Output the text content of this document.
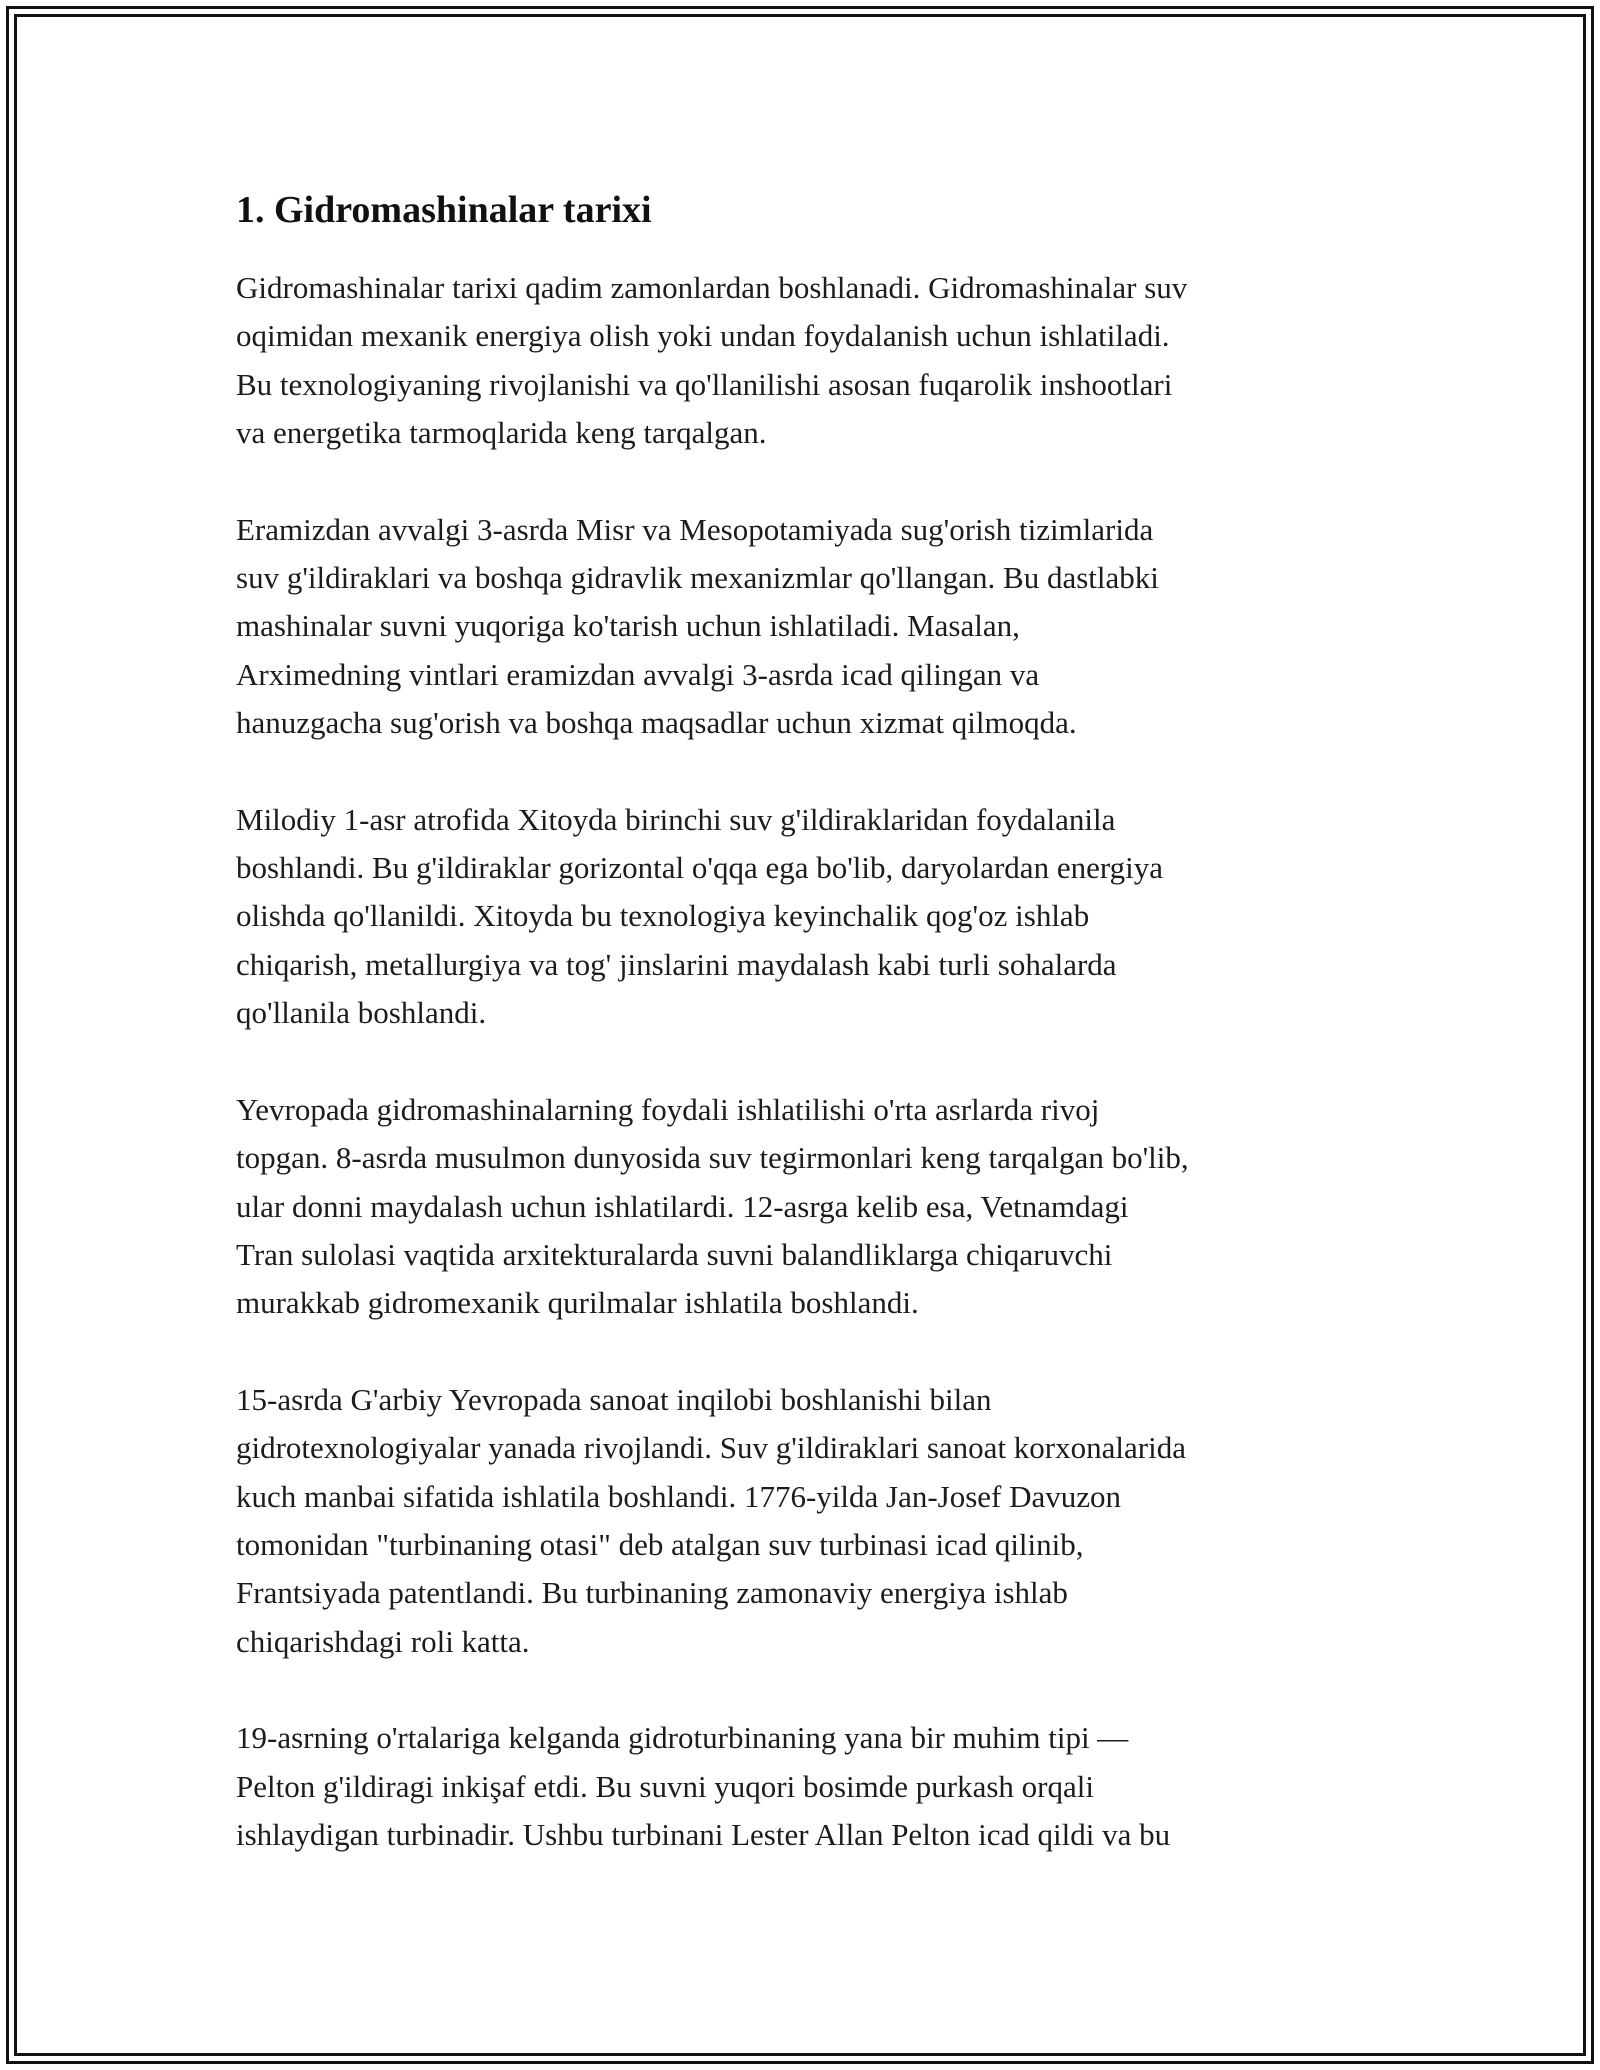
1. Gidromashinalar tarixi
Gidromashinalar tarixi qadim zamonlardan boshlanadi. Gidromashinalar suv
oqimidan mexanik energiya olish yoki undan foydalanish uchun ishlatiladi.
Bu texnologiyaning rivojlanishi va qo'llanilishi asosan fuqarolik inshootlari
va energetika tarmoqlarida keng tarqalgan.
Eramizdan avvalgi 3-asrda Misr va Mesopotamiyada sug'orish tizimlarida
suv g'ildiraklari va boshqa gidravlik mexanizmlar qo'llangan. Bu dastlabki
mashinalar suvni yuqoriga ko'tarish uchun ishlatiladi. Masalan,
Arximedning vintlari eramizdan avvalgi 3-asrda icad qilingan va
hanuzgacha sug'orish va boshqa maqsadlar uchun xizmat qilmoqda.
Milodiy 1-asr atrofida Xitoyda birinchi suv g'ildiraklaridan foydalanila
boshlandi. Bu g'ildiraklar gorizontal o'qqa ega bo'lib, daryolardan energiya
olishda qo'llanildi. Xitoyda bu texnologiya keyinchalik qog'oz ishlab
chiqarish, metallurgiya va tog' jinslarini maydalash kabi turli sohalarda
qo'llanila boshlandi.
Yevropada gidromashinalarning foydali ishlatilishi o'rta asrlarda rivoj
topgan. 8-asrda musulmon dunyosida suv tegirmonlari keng tarqalgan bo'lib,
ular donni maydalash uchun ishlatilardi. 12-asrga kelib esa, Vetnamdagi
Tran sulolasi vaqtida arxitekturalarda suvni balandliklarga chiqaruvchi
murakkab gidromexanik qurilmalar ishlatila boshlandi.
15-asrda G'arbiy Yevropada sanoat inqilobi boshlanishi bilan
gidrotexnologiyalar yanada rivojlandi. Suv g'ildiraklari sanoat korxonalarida
kuch manbai sifatida ishlatila boshlandi. 1776-yilda Jan-Josef Davuzon
tomonidan "turbinaning otasi" deb atalgan suv turbinasi icad qilinib,
Frantsiyada patentlandi. Bu turbinaning zamonaviy energiya ishlab
chiqarishdagi roli katta.
19-asrning o'rtalariga kelganda gidroturbinaning yana bir muhim tipi —
Pelton g'ildiragi inkişaf etdi. Bu suvni yuqori bosimde purkash orqali
ishlaydigan turbinadir. Ushbu turbinani Lester Allan Pelton icad qildi va bu
